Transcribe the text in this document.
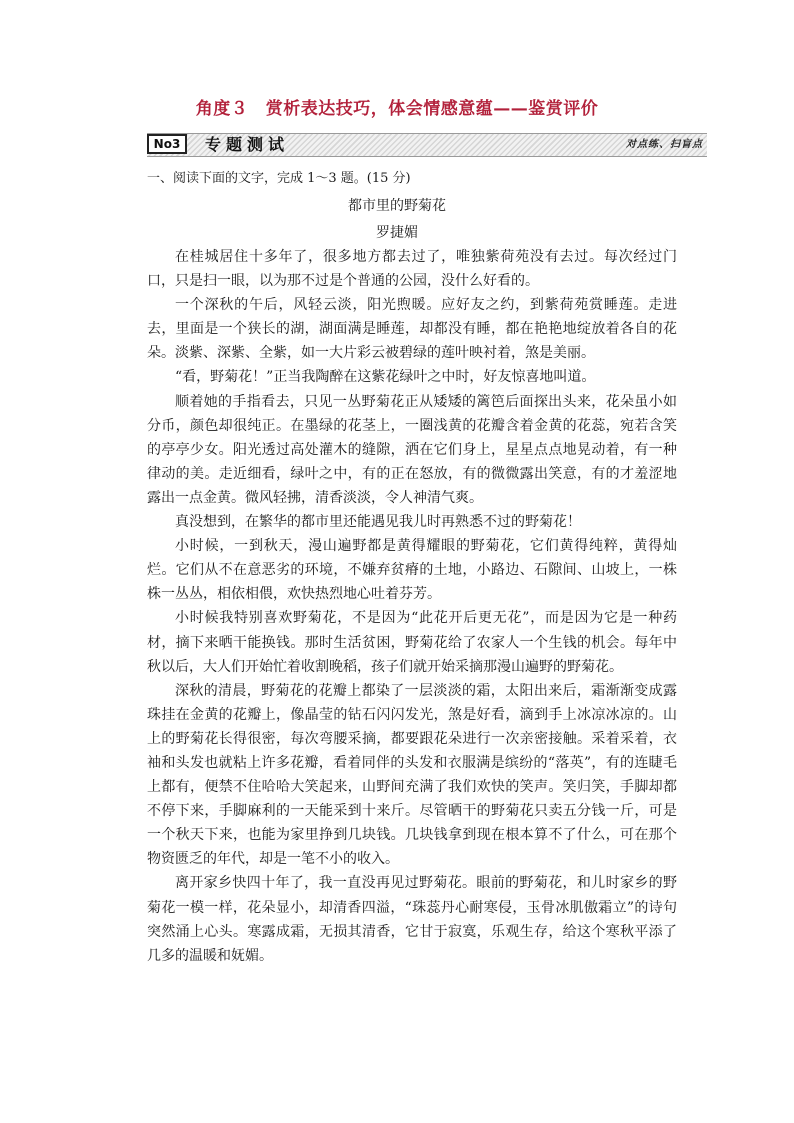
角度３　赏析表达技巧，体会情感意蕴——鉴赏评价
No3	专题测试	对点练、扫盲点
一、阅读下面的文字，完成 1～3 题。(15 分)
都市里的野菊花
罗捷媚

在桂城居住十多年了，很多地方都去过了，唯独紫荷苑没有去过。每次经过门口，只是扫一眼，以为那不过是个普通的公园，没什么好看的。

一个深秋的午后，风轻云淡，阳光煦暖。应好友之约，到紫荷苑赏睡莲。走进去，里面是一个狭长的湖，湖面满是睡莲，却都没有睡，都在艳艳地绽放着各自的花朵。淡紫、深紫、全紫，如一大片彩云被碧绿的莲叶映衬着，煞是美丽。

“看，野菊花！”正当我陶醉在这紫花绿叶之中时，好友惊喜地叫道。

顺着她的手指看去，只见一丛野菊花正从矮矮的篱笆后面探出头来，花朵虽小如分币，颜色却很纯正。在墨绿的花茎上，一圈浅黄的花瓣含着金黄的花蕊，宛若含笑的亭亭少女。阳光透过高处灌木的缝隙，洒在它们身上，星星点点地晃动着，有一种律动的美。走近细看，绿叶之中，有的正在怒放，有的微微露出笑意，有的才羞涩地露出一点金黄。微风轻拂，清香淡淡，令人神清气爽。

真没想到，在繁华的都市里还能遇见我儿时再熟悉不过的野菊花！

小时候，一到秋天，漫山遍野都是黄得耀眼的野菊花，它们黄得纯粹，黄得灿烂。它们从不在意恶劣的环境，不嫌弃贫瘠的土地，小路边、石隙间、山坡上，一株株一丛丛，相依相偎，欢快热烈地心吐着芬芳。

小时候我特别喜欢野菊花，不是因为“此花开后更无花”，而是因为它是一种药材，摘下来晒干能换钱。那时生活贫困，野菊花给了农家人一个生钱的机会。每年中秋以后，大人们开始忙着收割晚稻，孩子们就开始采摘那漫山遍野的野菊花。

深秋的清晨，野菊花的花瓣上都染了一层淡淡的霜，太阳出来后，霜渐渐变成露珠挂在金黄的花瓣上，像晶莹的钻石闪闪发光，煞是好看，滴到手上冰凉冰凉的。山上的野菊花长得很密，每次弯腰采摘，都要跟花朵进行一次亲密接触。采着采着，衣袖和头发也就粘上许多花瓣，看着同伴的头发和衣服满是缤纷的“落英”，有的连睫毛上都有，便禁不住哈哈大笑起来，山野间充满了我们欢快的笑声。笑归笑，手脚却都不停下来，手脚麻利的一天能采到十来斤。尽管晒干的野菊花只卖五分钱一斤，可是一个秋天下来，也能为家里挣到几块钱。几块钱拿到现在根本算不了什么，可在那个物资匮乏的年代，却是一笔不小的收入。

离开家乡快四十年了，我一直没再见过野菊花。眼前的野菊花，和儿时家乡的野菊花一模一样，花朵显小，却清香四溢，“珠蕊丹心耐寒侵，玉骨冰肌傲霜立”的诗句突然涌上心头。寒露成霜，无损其清香，它甘于寂寞，乐观生存，给这个寒秋平添了几多的温暖和妩媚。
